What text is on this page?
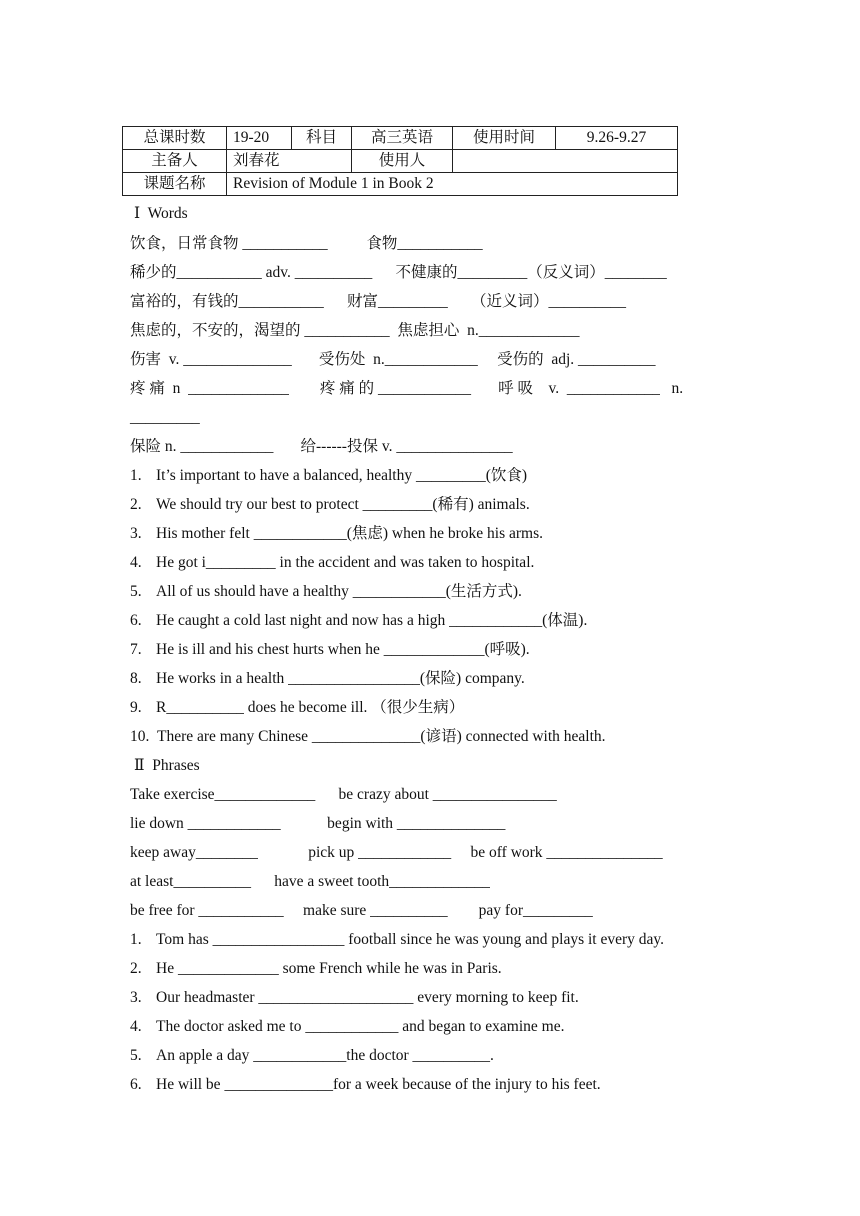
总课时数	19-20	科目	高三英语	使用时间	9.26-9.27
主备人	刘春花		使用人		
课题名称	Revision of Module 1 in Book 2				
Ⅰ  Words
饮食，日常食物 ___________          食物___________
稀少的___________ adv. __________      不健康的_________（反义词）________
富裕的，有钱的___________      财富_________      （近义词）__________
焦虑的，不安的，渴望的 ___________  焦虑担心  n._____________
伤害  v. ______________       受伤处  n.____________     受伤的  adj. __________
疼 痛  n  _____________        疼 痛 的 ____________       呼 吸    v.  ____________   n.
_________
保险 n. ____________       给------投保 v. _______________
1. It’s important to have a balanced, healthy _________(饮食)
2. We should try our best to protect _________(稀有) animals.
3. His mother felt ____________(焦虑) when he broke his arms.
4. He got i_________ in the accident and was taken to hospital.
5. All of us should have a healthy ____________(生活方式).
6. He caught a cold last night and now has a high ____________(体温).
7. He is ill and his chest hurts when he _____________(呼吸).
8. He works in a health _________________(保险) company.
9. R__________ does he become ill. （很少生病）
10. There are many Chinese ______________(谚语) connected with health.
Ⅱ  Phrases
Take exercise_____________      be crazy about ________________
lie down ____________            begin with ______________
keep away________             pick up ____________     be off work _______________
at least__________      have a sweet tooth_____________
be free for ___________     make sure __________        pay for_________
1. Tom has _________________ football since he was young and plays it every day.
2. He _____________ some French while he was in Paris.
3. Our headmaster ____________________ every morning to keep fit.
4. The doctor asked me to ____________ and began to examine me.
5. An apple a day ____________the doctor __________.
6. He will be ______________for a week because of the injury to his feet.
